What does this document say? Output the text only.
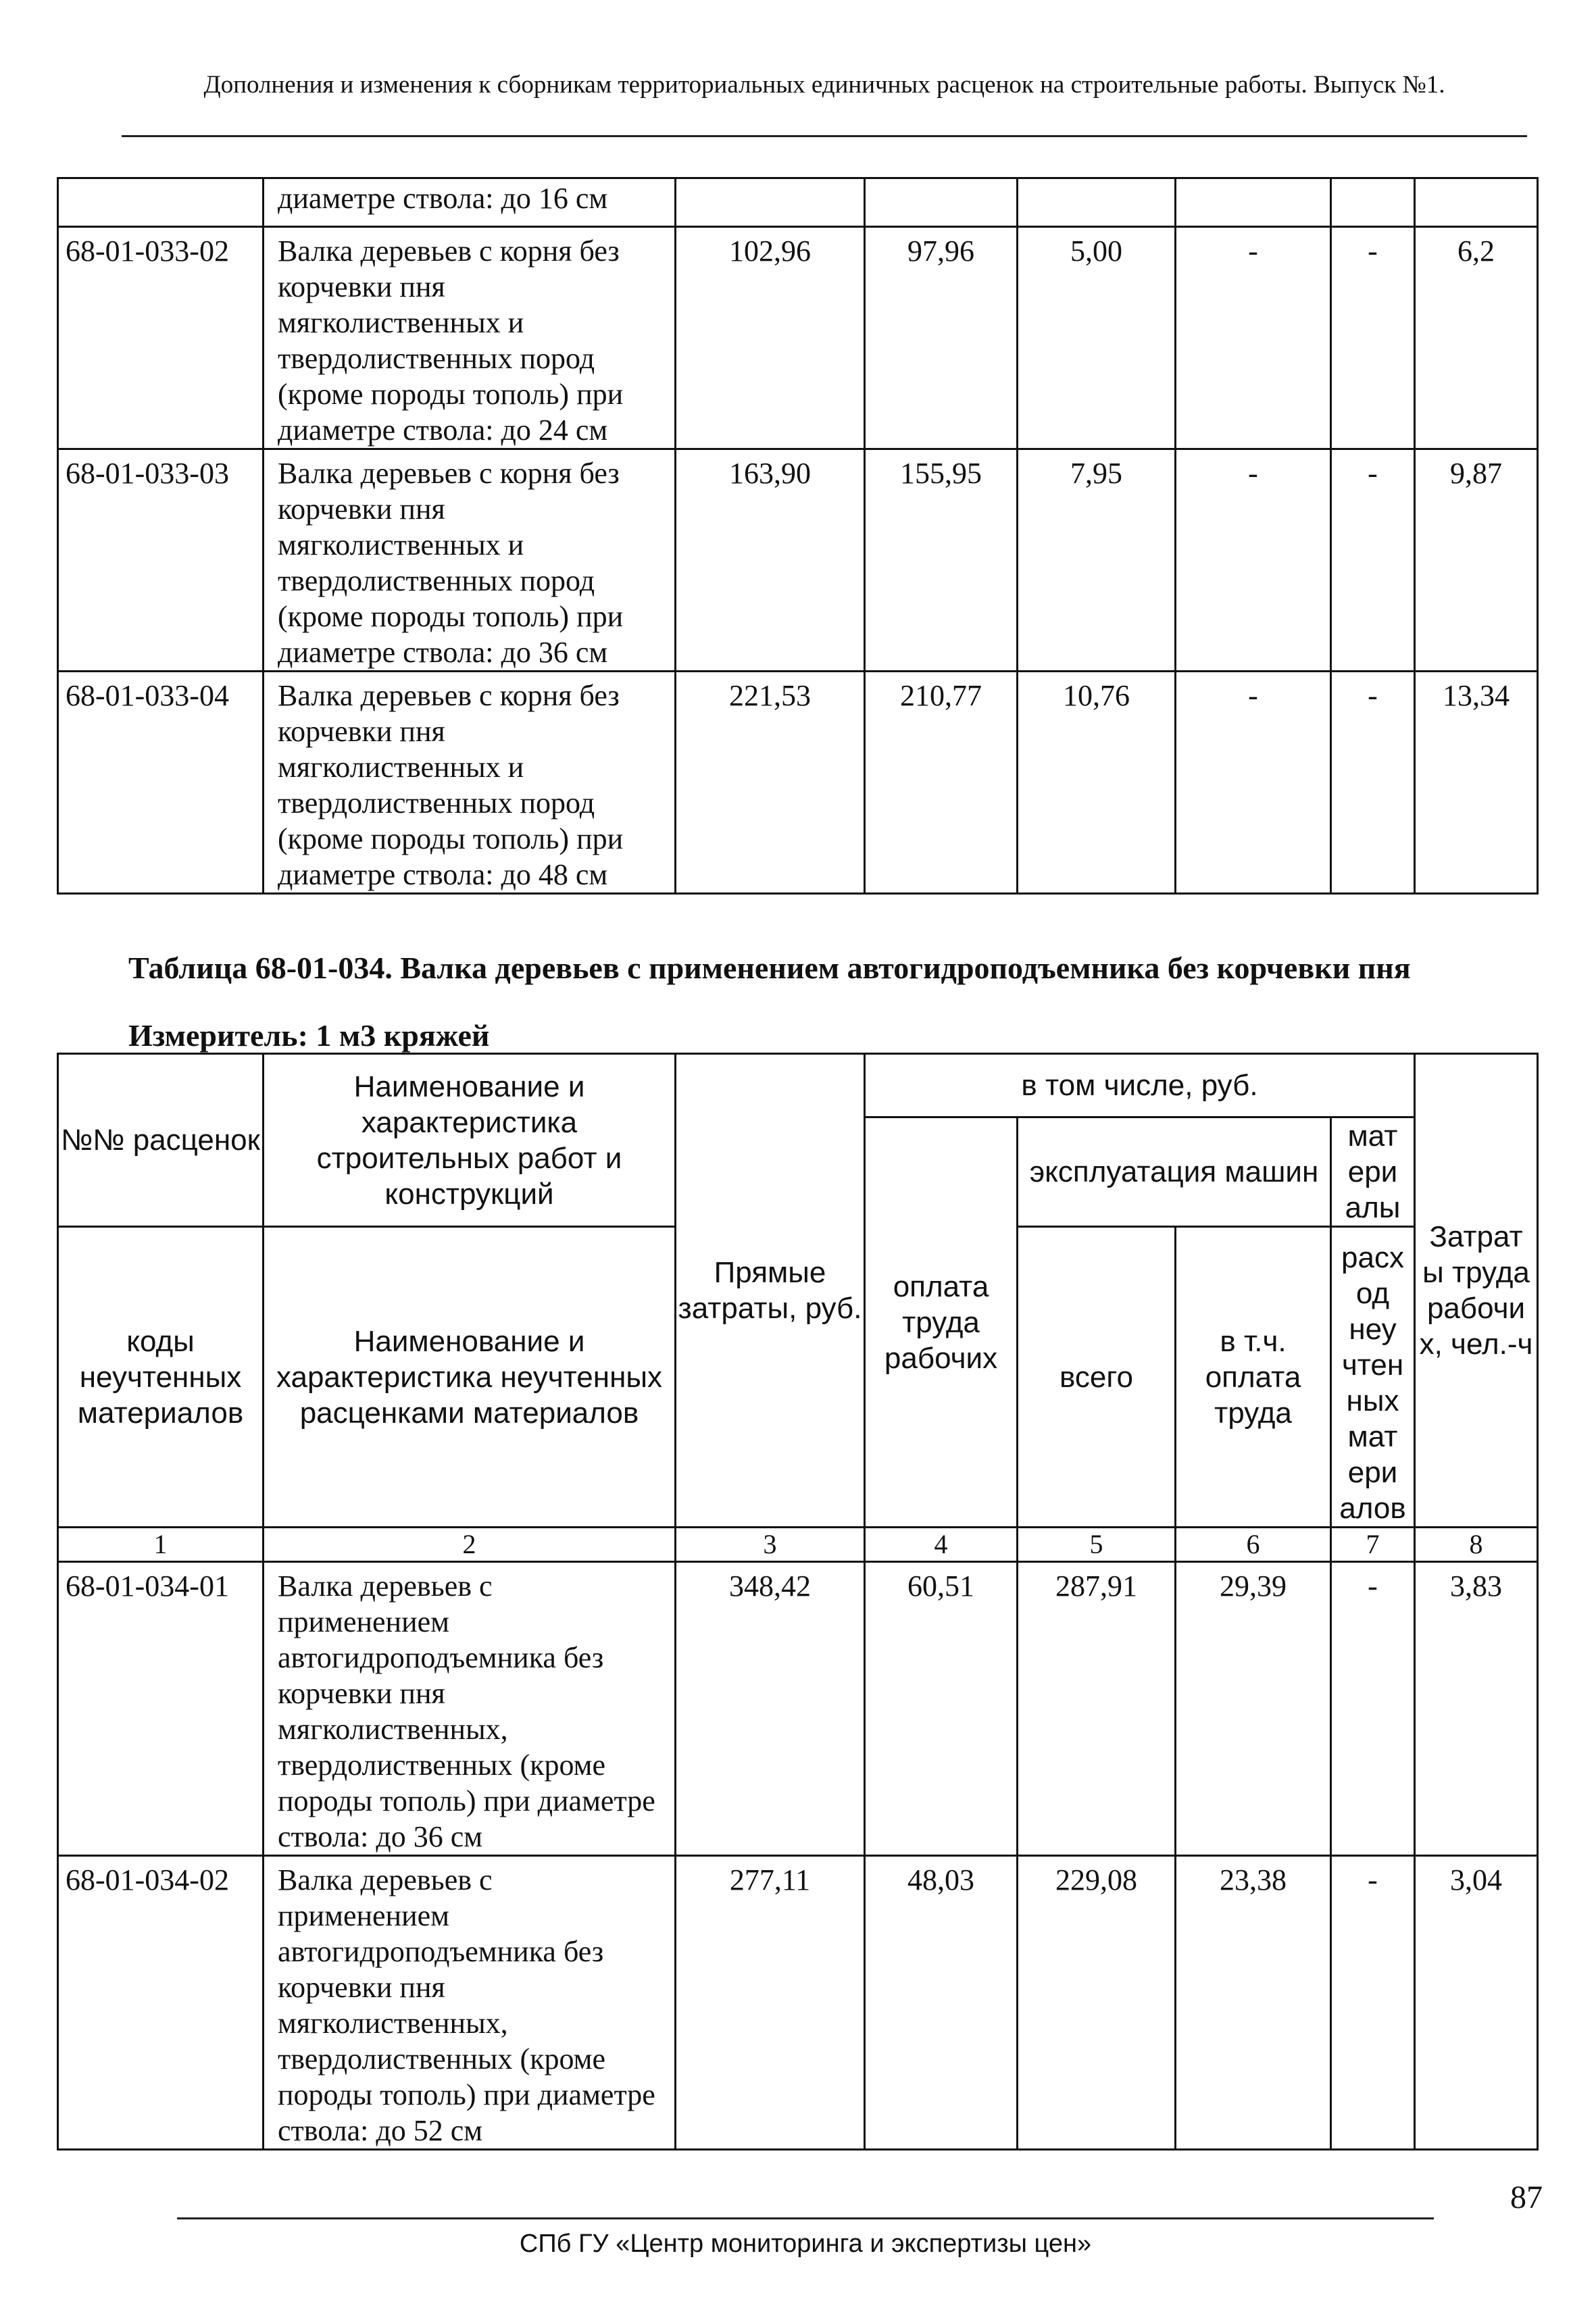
Дополнения и изменения к сборникам территориальных единичных расценок на строительные работы. Выпуск №1.
	диаметре ствола: до 16 см						
68-01-033-02	Валка деревьев с корня без корчевки пня мягколиственных и твердолиственных пород (кроме породы тополь) при диаметре ствола: до 24 см	102,96	97,96	5,00	-	-	6,2
68-01-033-03	Валка деревьев с корня без корчевки пня мягколиственных и твердолиственных пород (кроме породы тополь) при диаметре ствола: до 36 см	163,90	155,95	7,95	-	-	9,87
68-01-033-04	Валка деревьев с корня без корчевки пня мягколиственных и твердолиственных пород (кроме породы тополь) при диаметре ствола: до 48 см	221,53	210,77	10,76	-	-	13,34
Таблица 68-01-034. Валка деревьев с применением автогидроподъемника без корчевки пня
Измеритель: 1 м3 кряжей
№№ расценок	Наименование и характеристика строительных работ и конструкций	Прямые затраты, руб.	в том числе, руб.				Затрат ы труда рабочи х, чел.-ч
			оплата труда рабочих	эксплуатация машин		мат ери алы	
коды неучтенных материалов	Наименование и характеристика неучтенных расценками материалов			всего	в т.ч. оплата труда	расх од неу чтен ных мат ери алов	
1	2	3	4	5	6	7	8
68-01-034-01	Валка деревьев с применением автогидроподъемника без корчевки пня мягколиственных, твердолиственных (кроме породы тополь) при диаметре ствола: до 36 см	348,42	60,51	287,91	29,39	-	3,83
68-01-034-02	Валка деревьев с применением автогидроподъемника без корчевки пня мягколиственных, твердолиственных (кроме породы тополь) при диаметре ствола: до 52 см	277,11	48,03	229,08	23,38	-	3,04
87
СПб ГУ «Центр мониторинга и экспертизы цен»
